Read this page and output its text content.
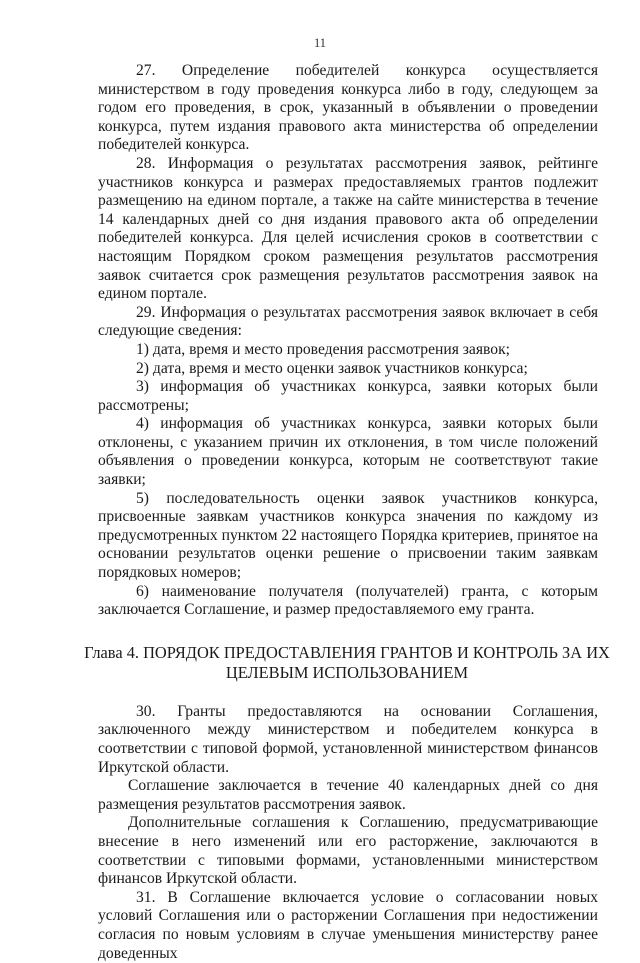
11

27. Определение победителей конкурса осуществляется министерством в году проведения конкурса либо в году, следующем за годом его проведения, в срок, указанный в объявлении о проведении конкурса, путем издания правового акта министерства об определении победителей конкурса.

28. Информация о результатах рассмотрения заявок, рейтинге участников конкурса и размерах предоставляемых грантов подлежит размещению на едином портале, а также на сайте министерства в течение 14 календарных дней со дня издания правового акта об определении победителей конкурса. Для целей исчисления сроков в соответствии с настоящим Порядком сроком размещения результатов рассмотрения заявок считается срок размещения результатов рассмотрения заявок на едином портале.

29. Информация о результатах рассмотрения заявок включает в себя следующие сведения:

1) дата, время и место проведения рассмотрения заявок;

2) дата, время и место оценки заявок участников конкурса;

3) информация об участниках конкурса, заявки которых были рассмотрены;

4) информация об участниках конкурса, заявки которых были отклонены, с указанием причин их отклонения, в том числе положений объявления о проведении конкурса, которым не соответствуют такие заявки;

5) последовательность оценки заявок участников конкурса, присвоенные заявкам участников конкурса значения по каждому из предусмотренных пунктом 22 настоящего Порядка критериев, принятое на основании результатов оценки решение о присвоении таким заявкам порядковых номеров;

6) наименование получателя (получателей) гранта, с которым заключается Соглашение, и размер предоставляемого ему гранта.

Глава 4. ПОРЯДОК ПРЕДОСТАВЛЕНИЯ ГРАНТОВ И КОНТРОЛЬ ЗА ИХ ЦЕЛЕВЫМ ИСПОЛЬЗОВАНИЕМ

30. Гранты предоставляются на основании Соглашения, заключенного между министерством и победителем конкурса в соответствии с типовой формой, установленной министерством финансов Иркутской области.

Соглашение заключается в течение 40 календарных дней со дня размещения результатов рассмотрения заявок.

Дополнительные соглашения к Соглашению, предусматривающие внесение в него изменений или его расторжение, заключаются в соответствии с типовыми формами, установленными министерством финансов Иркутской области.

31. В Соглашение включается условие о согласовании новых условий Соглашения или о расторжении Соглашения при недостижении согласия по новым условиям в случае уменьшения министерству ранее доведенных
